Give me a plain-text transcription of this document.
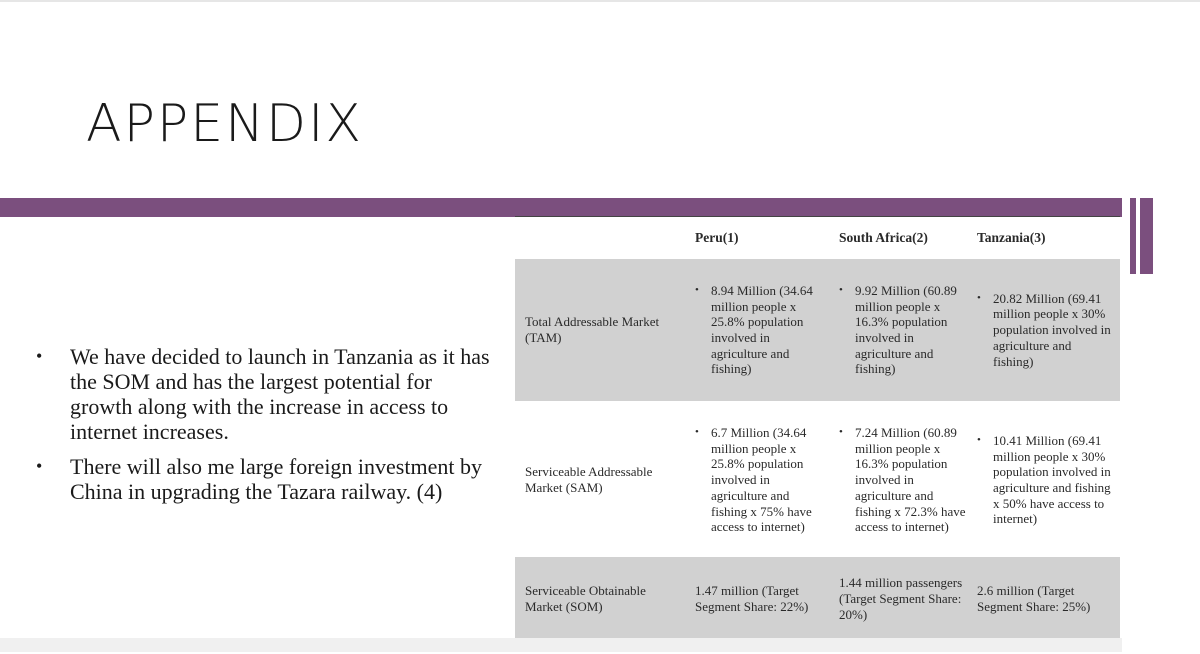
APPENDIX
• We have decided to launch in Tanzania as it has the SOM and has the largest potential for growth along with the increase in access to internet increases.
• There will also me large foreign investment by China in upgrading the Tazara railway. (4)
Peru(1)	South Africa(2)	Tanzania(3)
Total Addressable Market (TAM)
• 8.94 Million (34.64 million people x 25.8% population involved in agriculture and fishing)
• 9.92 Million (60.89 million people x 16.3% population involved in agriculture and fishing)
• 20.82 Million (69.41 million people x 30% population involved in agriculture and fishing)
Serviceable Addressable Market (SAM)
• 6.7 Million (34.64 million people x 25.8% population involved in agriculture and fishing x 75% have access to internet)
• 7.24 Million (60.89 million people x 16.3% population involved in agriculture and fishing x 72.3% have access to internet)
• 10.41 Million (69.41 million people x 30% population involved in agriculture and fishing x 50% have access to internet)
Serviceable Obtainable Market (SOM)
1.47 million (Target Segment Share: 22%)
1.44 million passengers (Target Segment Share: 20%)
2.6 million (Target Segment Share: 25%)
